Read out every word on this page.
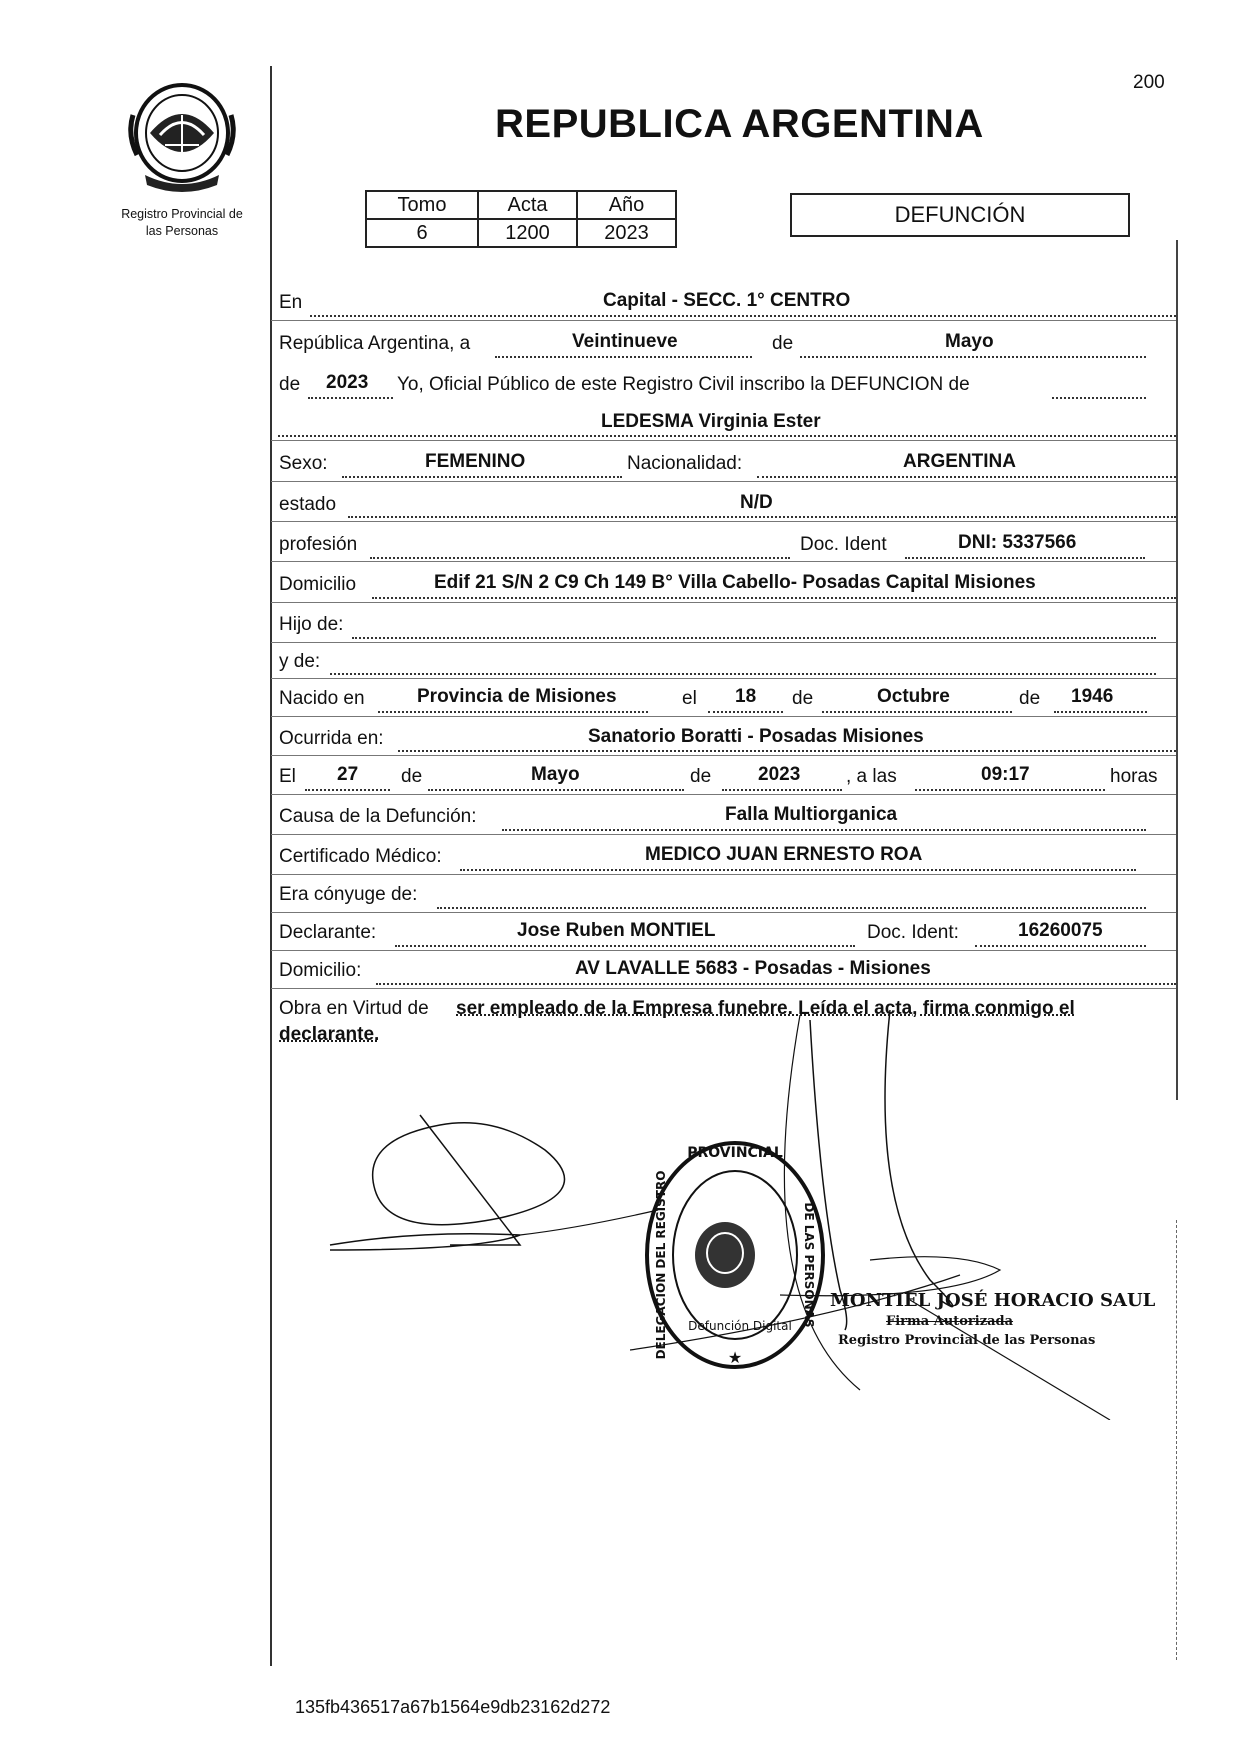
Registro Provincial de
las Personas
200
REPUBLICA ARGENTINA
Tomo	Acta	Año
6	1200	2023
DEFUNCIÓN
En	Capital - SECC. 1° CENTRO
República Argentina, a	Veintinueve	de	Mayo
de 2023 Yo, Oficial Público de este Registro Civil inscribo la DEFUNCION de
LEDESMA Virginia Ester
Sexo:	FEMENINO	Nacionalidad:	ARGENTINA
estado	N/D
profesión	Doc. Ident	DNI: 5337566
Domicilio	Edif 21 S/N 2 C9 Ch 149 B° Villa Cabello- Posadas Capital Misiones
Hijo de:
y de:
Nacido en	Provincia de Misiones	el 18 de	Octubre	de 1946
Ocurrida en:	Sanatorio Boratti - Posadas Misiones
El 27 de	Mayo	de 2023 , a las	09:17	horas
Causa de la Defunción:	Falla Multiorganica
Certificado Médico:	MEDICO JUAN ERNESTO ROA
Era cónyuge de:
Declarante:	Jose Ruben MONTIEL	Doc. Ident:	16260075
Domicilio:	AV LAVALLE 5683 - Posadas - Misiones
Obra en Virtud de ser empleado de la Empresa funebre. Leída el acta, firma conmigo el
declarante.
PROVINCIAL
DELEGACION DEL REGISTRO	DE LAS PERSONAS
Defunción Digital
★
MONTIEL JOSÉ HORACIO SAUL
Firma Autorizada
Registro Provincial de las Personas
135fb436517a67b1564e9db23162d272
